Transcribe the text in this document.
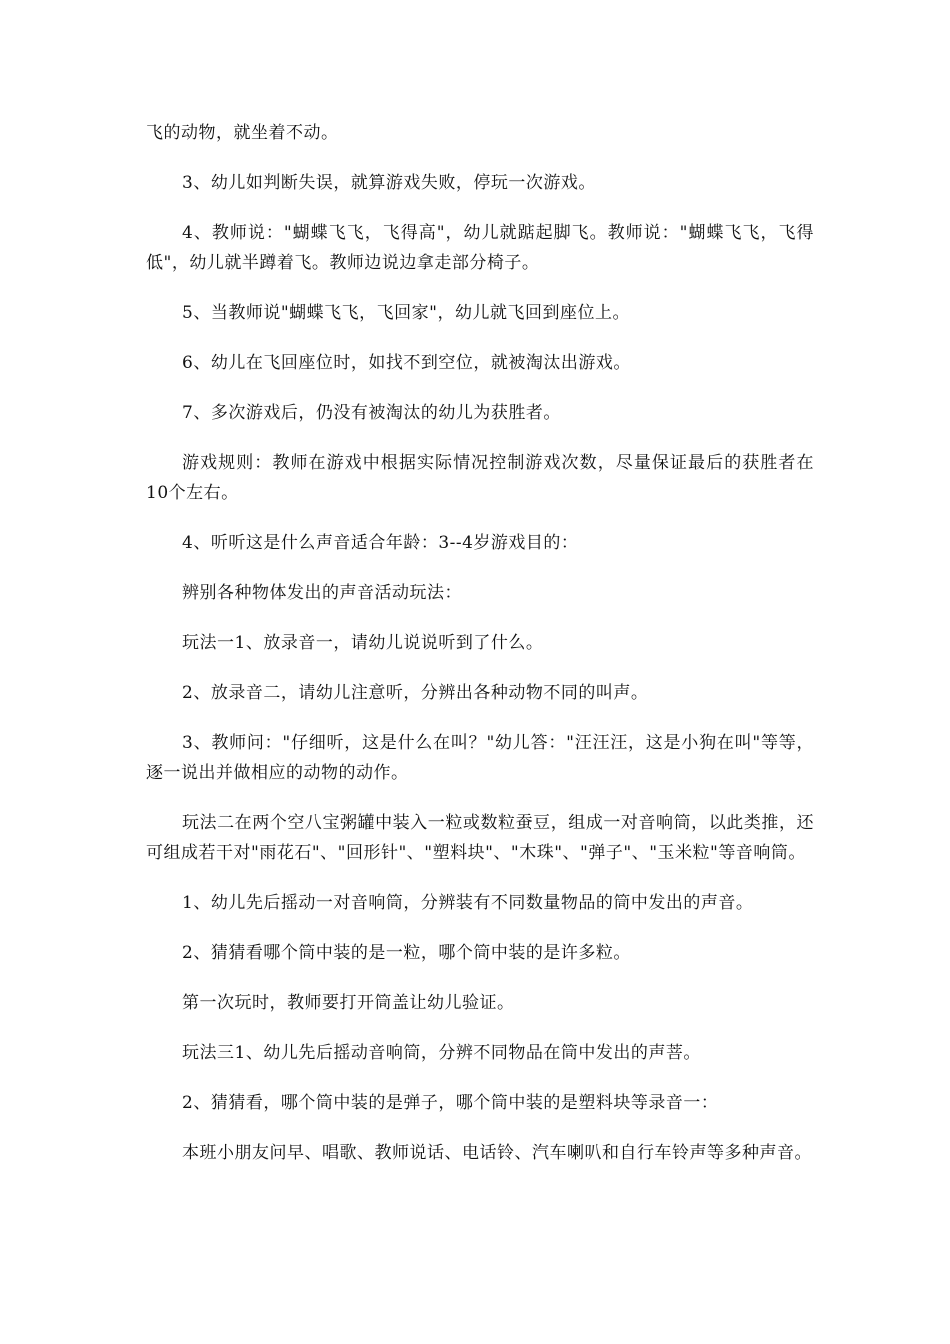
飞的动物，就坐着不动。

3、幼儿如判断失误，就算游戏失败，停玩一次游戏。

4、教师说："蝴蝶飞飞，飞得高"，幼儿就踮起脚飞。教师说："蝴蝶飞飞，飞得低"，幼儿就半蹲着飞。教师边说边拿走部分椅子。

5、当教师说"蝴蝶飞飞，飞回家"，幼儿就飞回到座位上。

6、幼儿在飞回座位时，如找不到空位，就被淘汰出游戏。

7、多次游戏后，仍没有被淘汰的幼儿为获胜者。

游戏规则：教师在游戏中根据实际情况控制游戏次数，尽量保证最后的获胜者在10个左右。

4、听听这是什么声音适合年龄：3--4岁游戏目的：

辨别各种物体发出的声音活动玩法：

玩法一1、放录音一，请幼儿说说听到了什么。

2、放录音二，请幼儿注意听，分辨出各种动物不同的叫声。

3、教师问："仔细听，这是什么在叫？"幼儿答："汪汪汪，这是小狗在叫"等等，逐一说出并做相应的动物的动作。

玩法二在两个空八宝粥罐中装入一粒或数粒蚕豆，组成一对音响筒，以此类推，还可组成若干对"雨花石"、"回形针"、"塑料块"、"木珠"、"弹子"、"玉米粒"等音响筒。

1、幼儿先后摇动一对音响筒，分辨装有不同数量物品的筒中发出的声音。

2、猜猜看哪个筒中装的是一粒，哪个筒中装的是许多粒。

第一次玩时，教师要打开筒盖让幼儿验证。

玩法三1、幼儿先后摇动音响筒，分辨不同物品在筒中发出的声菩。

2、猜猜看，哪个筒中装的是弹子，哪个筒中装的是塑料块等录音一：

本班小朋友问早、唱歌、教师说话、电话铃、汽车喇叭和自行车铃声等多种声音。
